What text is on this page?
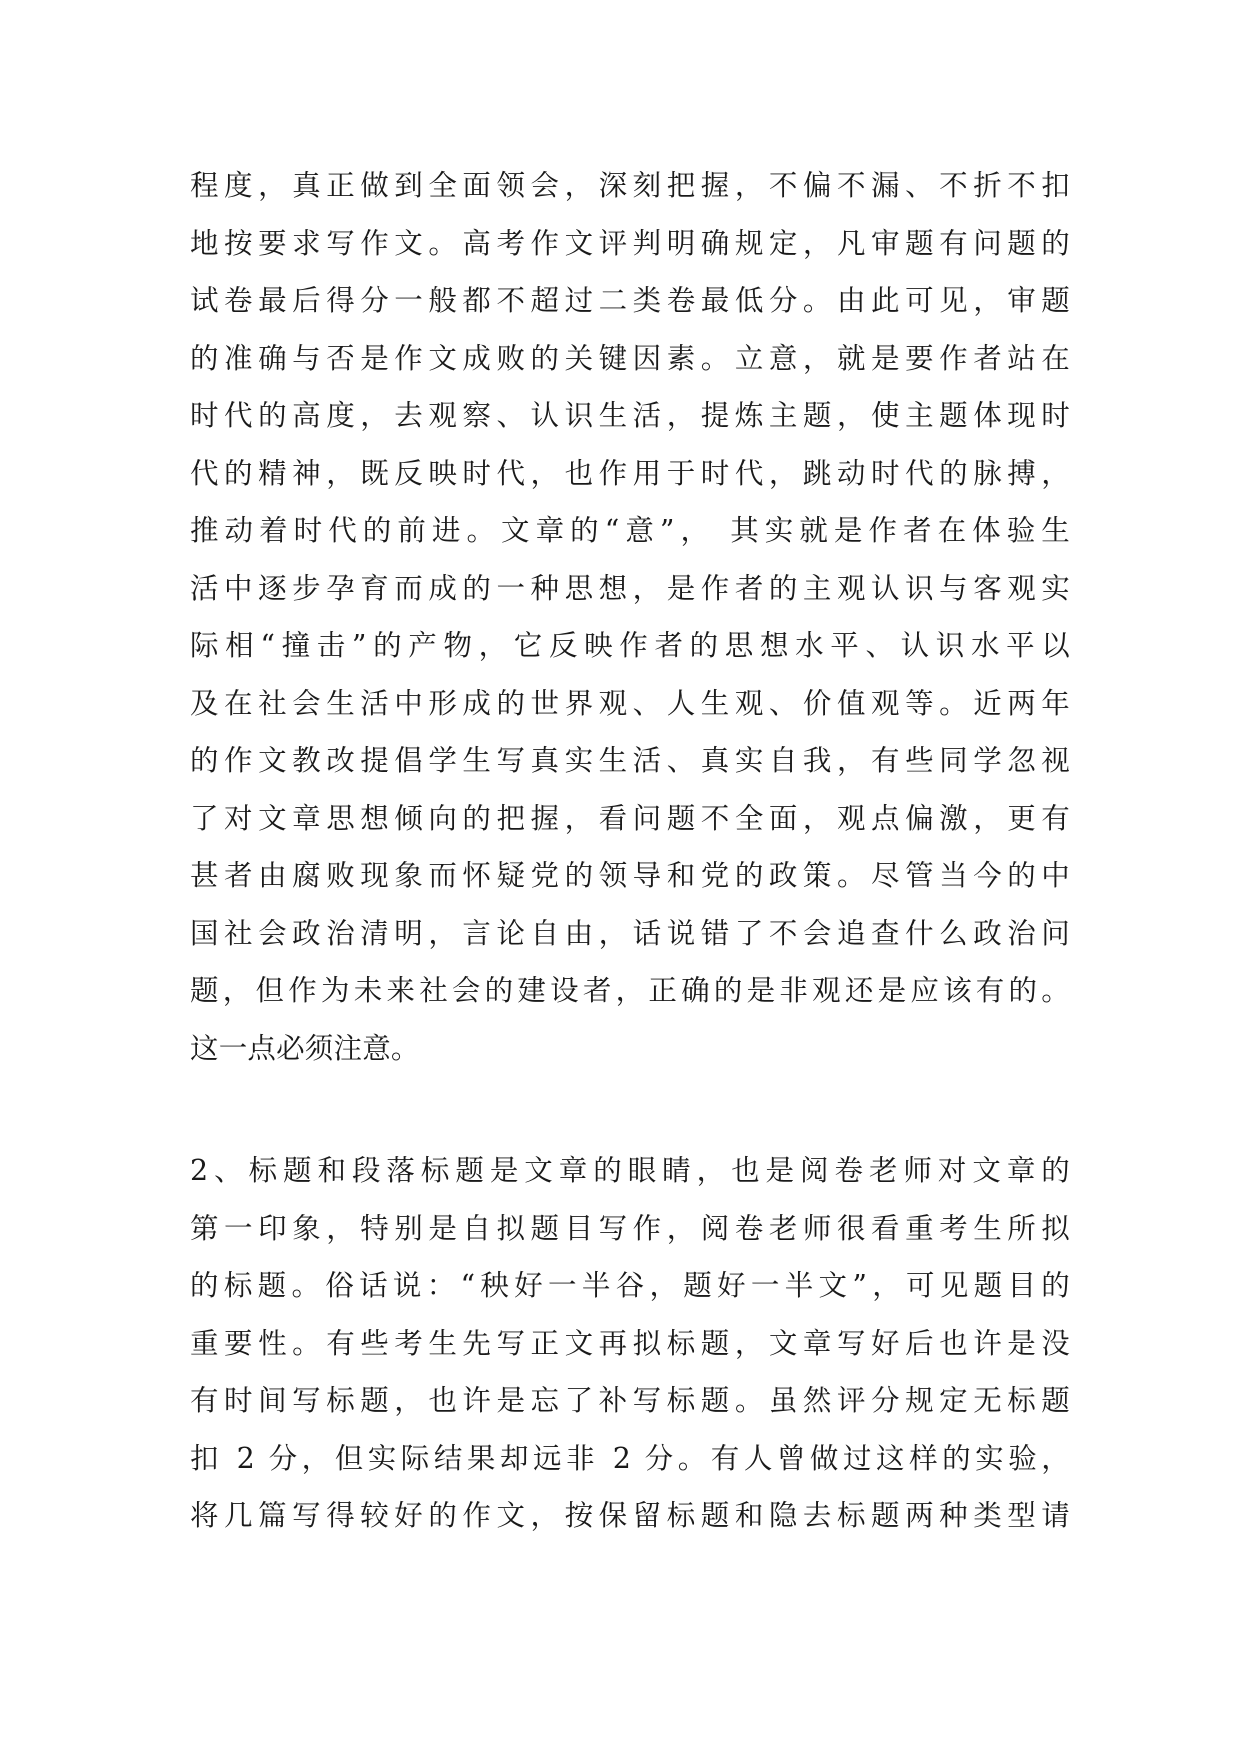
程度，真正做到全面领会，深刻把握，不偏不漏、不折不扣
地按要求写作文。高考作文评判明确规定，凡审题有问题的
试卷最后得分一般都不超过二类卷最低分。由此可见，审题
的准确与否是作文成败的关键因素。立意，就是要作者站在
时代的高度，去观察、认识生活，提炼主题，使主题体现时
代的精神，既反映时代，也作用于时代，跳动时代的脉搏，
推动着时代的前进。文章的“意”， 其实就是作者在体验生
活中逐步孕育而成的一种思想，是作者的主观认识与客观实
际相“撞击”的产物，它反映作者的思想水平、认识水平以
及在社会生活中形成的世界观、人生观、价值观等。近两年
的作文教改提倡学生写真实生活、真实自我，有些同学忽视
了对文章思想倾向的把握，看问题不全面，观点偏激，更有
甚者由腐败现象而怀疑党的领导和党的政策。尽管当今的中
国社会政治清明，言论自由，话说错了不会追查什么政治问
题，但作为未来社会的建设者，正确的是非观还是应该有的。
这一点必须注意。
2、标题和段落标题是文章的眼睛，也是阅卷老师对文章的
第一印象，特别是自拟题目写作，阅卷老师很看重考生所拟
的标题。俗话说：“秧好一半谷，题好一半文”，可见题目的
重要性。有些考生先写正文再拟标题，文章写好后也许是没
有时间写标题，也许是忘了补写标题。虽然评分规定无标题
扣 2 分，但实际结果却远非 2 分。有人曾做过这样的实验，
将几篇写得较好的作文，按保留标题和隐去标题两种类型请
